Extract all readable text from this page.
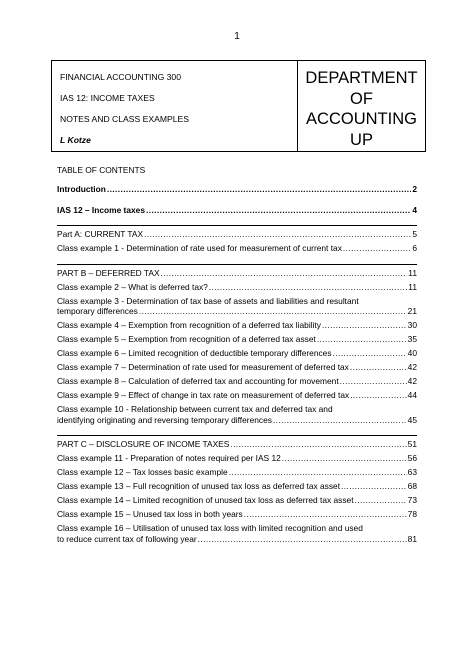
1
FINANCIAL ACCOUNTING 300
IAS 12: INCOME TAXES
NOTES AND CLASS EXAMPLES
L Kotze
DEPARTMENT
OF
ACCOUNTING
UP
TABLE OF CONTENTS
Introduction .....	2
IAS 12 – Income taxes .....	4
Part A: CURRENT TAX .....	5
Class example 1 - Determination of rate used for measurement of current tax .....	6
PART B – DEFERRED TAX .....	11
Class example 2 – What is deferred tax? .....	11
Class example 3 - Determination of tax base of assets and liabilities and resultant
temporary differences .....	21
Class example 4 – Exemption from recognition of a deferred tax liability .....	30
Class example 5 – Exemption from recognition of a deferred tax asset .....	35
Class example 6 – Limited recognition of deductible temporary differences .....	40
Class example 7 – Determination of rate used for measurement of deferred tax .....	42
Class example 8 – Calculation of deferred tax and accounting for movement .....	42
Class example 9 – Effect of change in tax rate on measurement of deferred tax .....	44
Class example 10 - Relationship between current tax and deferred tax and
identifying originating and reversing temporary differences .....	45
PART C – DISCLOSURE OF INCOME TAXES .....	51
Class example 11 - Preparation of notes required per IAS 12 .....	56
Class example 12 – Tax losses basic example .....	63
Class example 13 – Full recognition of unused tax loss as deferred tax asset .....	68
Class example 14 – Limited recognition of unused tax loss as deferred tax asset .....	73
Class example 15 – Unused tax loss in both years .....	78
Class example 16 – Utilisation of unused tax loss with limited recognition and used
to reduce current tax of following year .....	81
